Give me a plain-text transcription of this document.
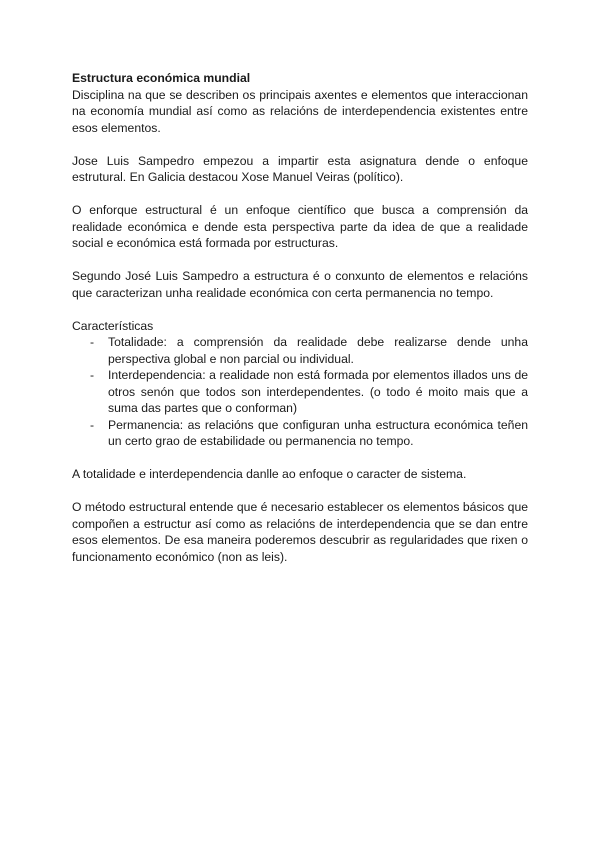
Estructura económica mundial

Disciplina na que se describen os principais axentes e elementos que interaccionan na economía mundial así como as relacións de interdependencia existentes entre esos elementos.

Jose Luis Sampedro empezou a impartir esta asignatura dende o enfoque estrutural. En Galicia destacou Xose Manuel Veiras (político).

O enforque estructural é un enfoque científico que busca a comprensión da realidade económica e dende esta perspectiva parte da idea de que a realidade social e económica está formada por estructuras.

Segundo José Luis Sampedro a estructura é o conxunto de elementos e relacións que caracterizan unha realidade económica con certa permanencia no tempo.

Características
- Totalidade: a comprensión da realidade debe realizarse dende unha perspectiva global e non parcial ou individual.
- Interdependencia: a realidade non está formada por elementos illados uns de otros senón que todos son interdependentes. (o todo é moito mais que a suma das partes que o conforman)
- Permanencia: as relacións que configuran unha estructura económica teñen un certo grao de estabilidade ou permanencia no tempo.

A totalidade e interdependencia danlle ao enfoque o caracter de sistema.

O método estructural entende que é necesario establecer os elementos básicos que compoñen a estructur así como as relacións de interdependencia que se dan entre esos elementos. De esa maneira poderemos descubrir as regularidades que rixen o funcionamento económico (non as leis).
